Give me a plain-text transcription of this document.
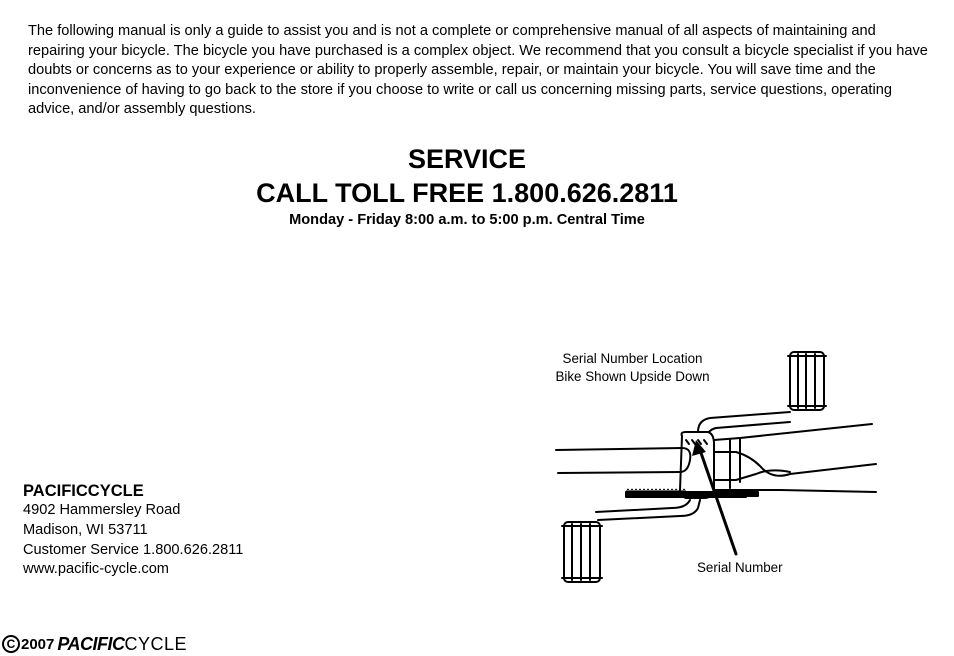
The following manual is only a guide to assist you and is not a complete or comprehensive manual of all aspects of maintaining and repairing your bicycle. The bicycle you have purchased is a complex object. We recommend that you consult a bicycle specialist if you have doubts or concerns as to your experience or ability to properly assemble, repair, or maintain your bicycle. You will save time and the inconvenience of having to go back to the store if you choose to write or call us concerning missing parts, service questions, operating advice, and/or assembly questions.

SERVICE
CALL TOLL FREE 1.800.626.2811
Monday - Friday 8:00 a.m. to 5:00 p.m. Central Time
Serial Number Location
Bike Shown Upside Down
Serial Number
PACIFICCYCLE
4902 Hammersley Road
Madison, WI 53711
Customer Service 1.800.626.2811
www.pacific-cycle.com
C 2007 PACIFIC CYCLE
